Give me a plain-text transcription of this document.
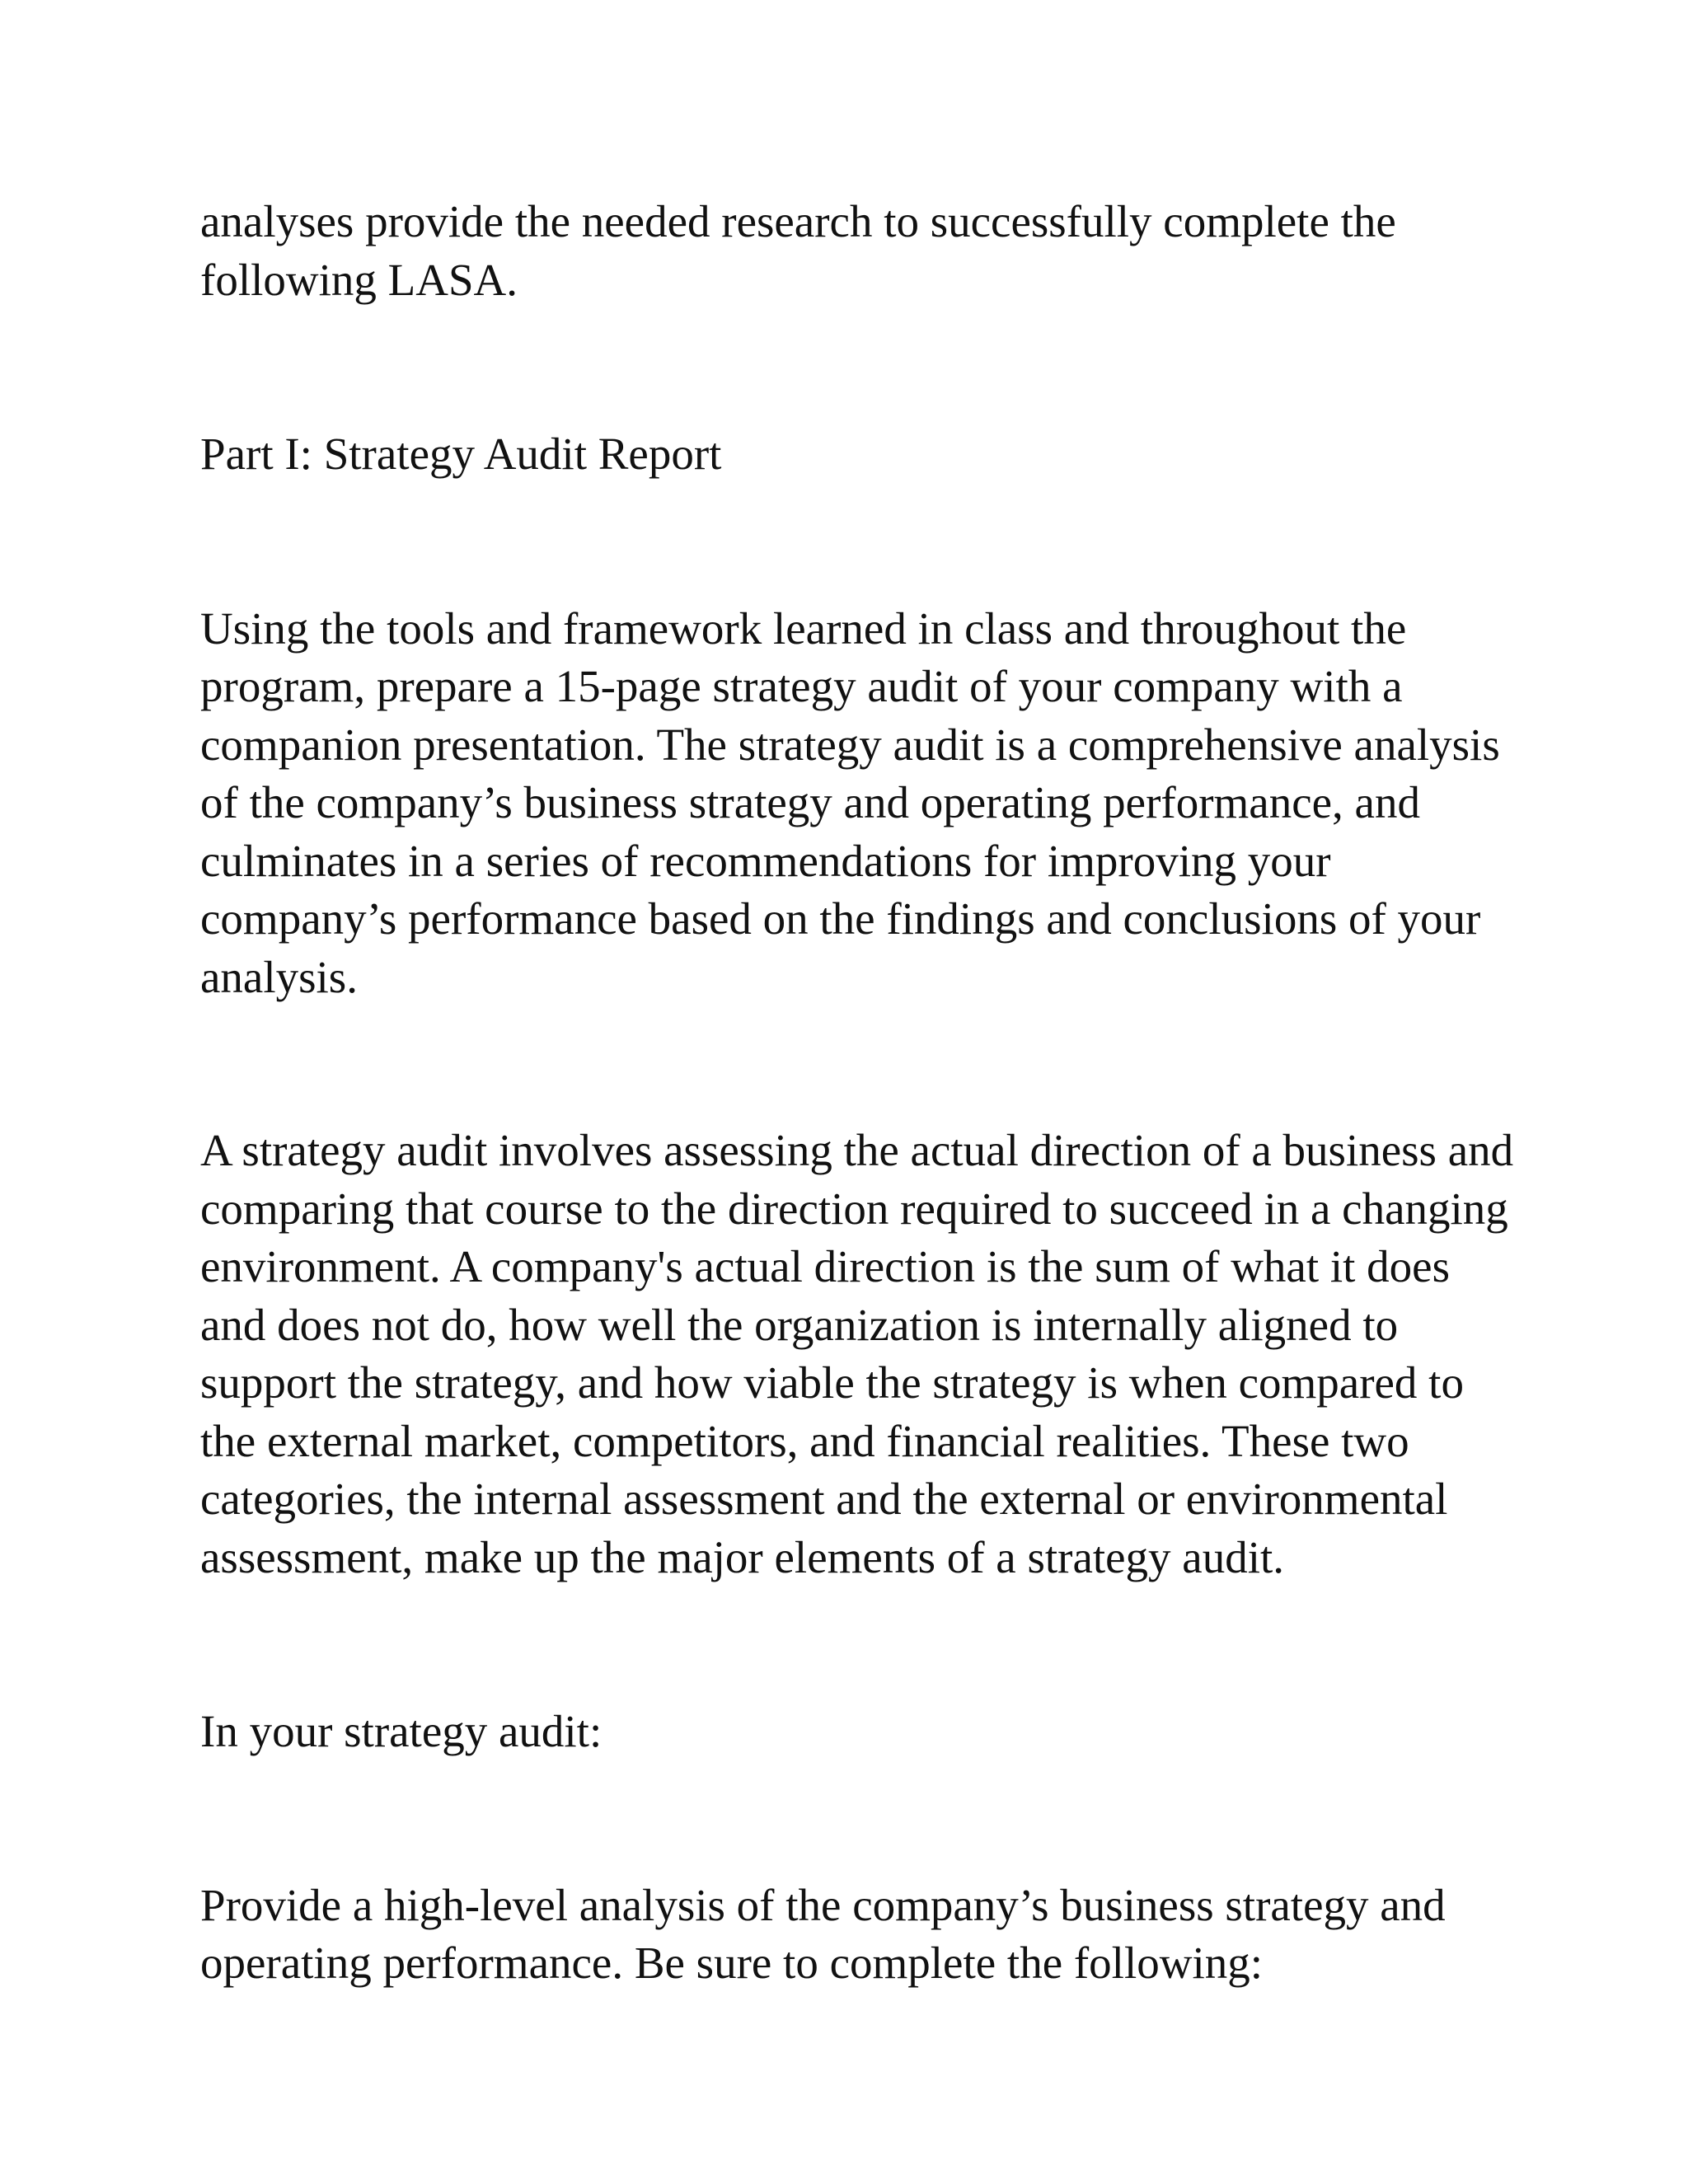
analyses provide the needed research to successfully complete the
following LASA.

Part I: Strategy Audit Report

Using the tools and framework learned in class and throughout the
program, prepare a 15-page strategy audit of your company with a
companion presentation. The strategy audit is a comprehensive analysis
of the company’s business strategy and operating performance, and
culminates in a series of recommendations for improving your
company’s performance based on the findings and conclusions of your
analysis.

A strategy audit involves assessing the actual direction of a business and
comparing that course to the direction required to succeed in a changing
environment. A company's actual direction is the sum of what it does
and does not do, how well the organization is internally aligned to
support the strategy, and how viable the strategy is when compared to
the external market, competitors, and financial realities. These two
categories, the internal assessment and the external or environmental
assessment, make up the major elements of a strategy audit.

In your strategy audit:

Provide a high-level analysis of the company’s business strategy and
operating performance. Be sure to complete the following:
